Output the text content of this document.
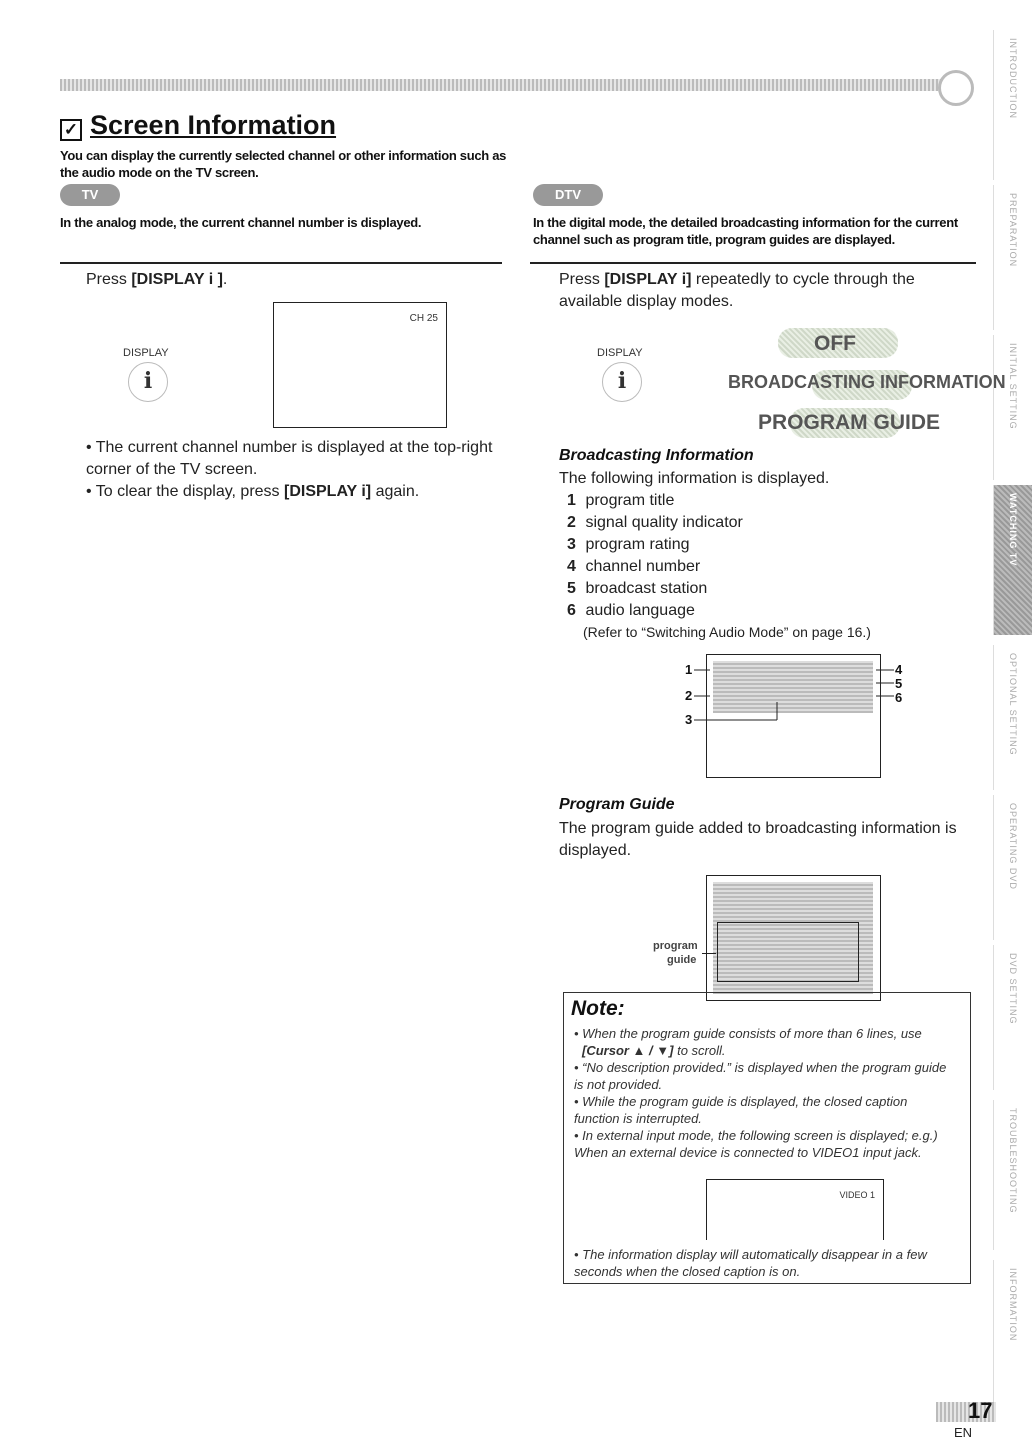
✓ Screen Information
You can display the currently selected channel or other information such as the audio mode on the TV screen.
TV
In the analog mode, the current channel number is displayed.
Press [DISPLAY i ].
DISPLAY
i
CH 25
• The current channel number is displayed at the top-right corner of the TV screen.
• To clear the display, press [DISPLAY i] again.
DTV
In the digital mode, the detailed broadcasting information for the current channel such as program title, program guides are displayed.
Press [DISPLAY i] repeatedly to cycle through the available display modes.
DISPLAY
i
OFF
BROADCASTING INFORMATION
PROGRAM GUIDE
Broadcasting Information
The following information is displayed.
1 program title
2 signal quality indicator
3 program rating
4 channel number
5 broadcast station
6 audio language
(Refer to “Switching Audio Mode” on page 16.)
1
2
3
4
5
6
Program Guide
The program guide added to broadcasting information is displayed.
program
guide
Note:
• When the program guide consists of more than 6 lines, use
[Cursor ▲ / ▼] to scroll.
• “No description provided.” is displayed when the program guide is not provided.
• While the program guide is displayed, the closed caption function is interrupted.
• In external input mode, the following screen is displayed; e.g.) When an external device is connected to VIDEO1 input jack.
VIDEO 1
• The information display will automatically disappear in a few seconds when the closed caption is on.
INTRODUCTION
PREPARATION
INITIAL SETTING
WATCHING TV
OPTIONAL SETTING
OPERATING DVD
DVD SETTING
TROUBLESHOOTING
INFORMATION
17
EN
